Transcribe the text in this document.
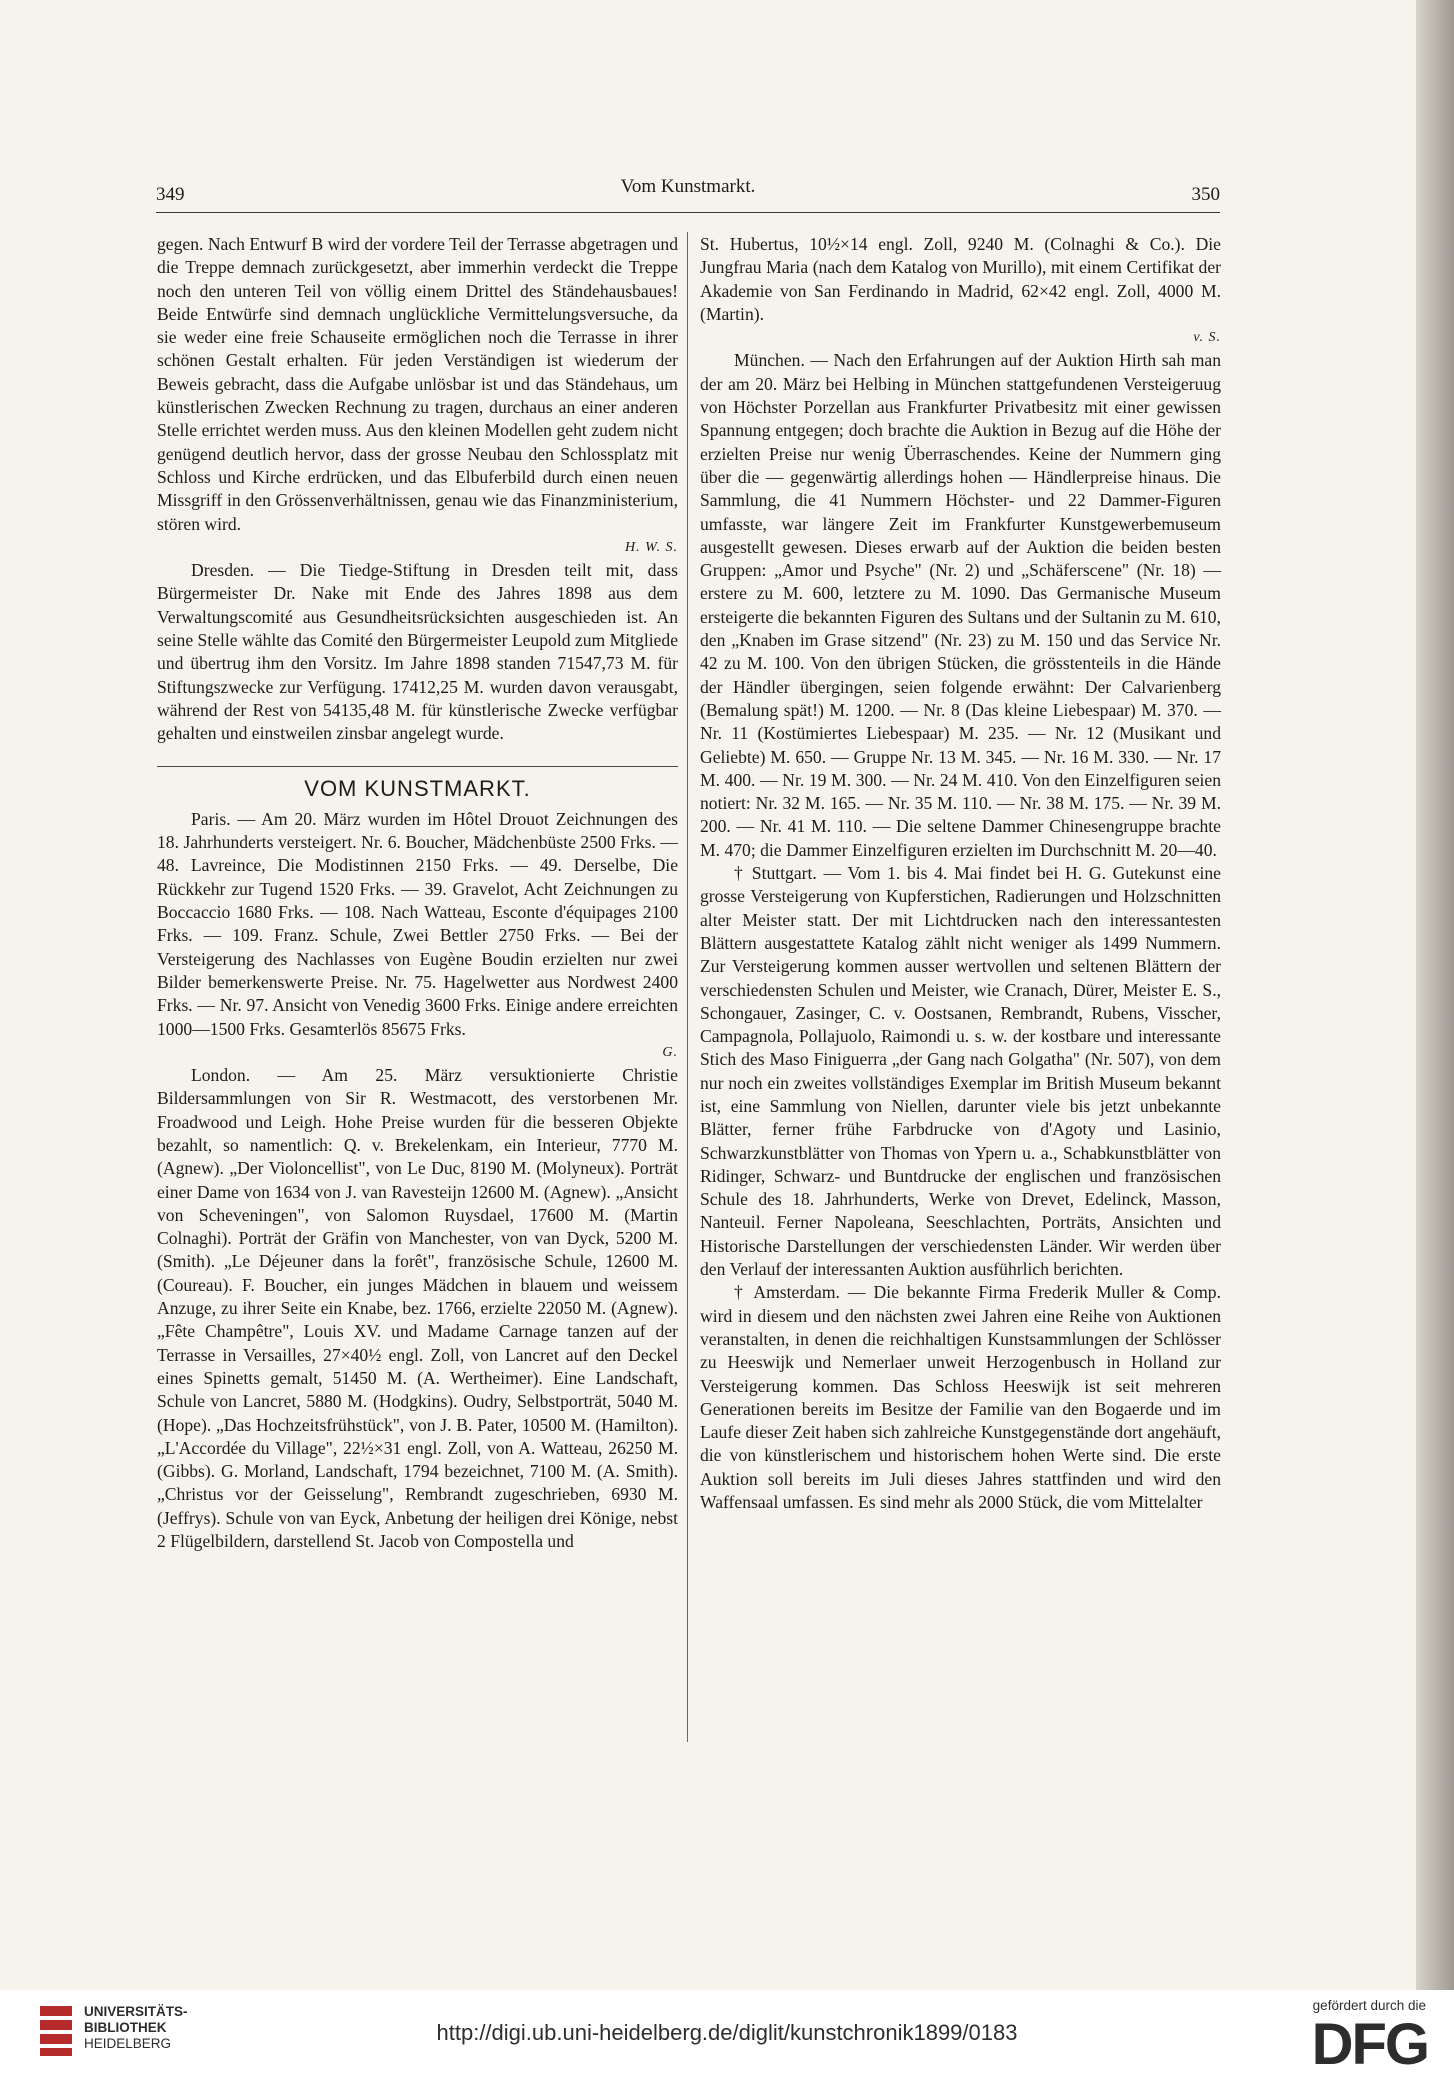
349	Vom Kunstmarkt.	350

gegen. Nach Entwurf B wird der vordere Teil der Terrasse abgetragen und die Treppe demnach zurückgesetzt, aber immerhin verdeckt die Treppe noch den unteren Teil von völlig einem Drittel des Ständehausbaues! Beide Entwürfe sind demnach unglückliche Vermittelungsversuche, da sie weder eine freie Schauseite ermöglichen noch die Terrasse in ihrer schönen Gestalt erhalten. Für jeden Verständigen ist wiederum der Beweis gebracht, dass die Aufgabe unlösbar ist und das Ständehaus, um künstlerischen Zwecken Rechnung zu tragen, durchaus an einer anderen Stelle errichtet werden muss. Aus den kleinen Modellen geht zudem nicht genügend deutlich hervor, dass der grosse Neubau den Schlossplatz mit Schloss und Kirche erdrücken, und das Elbuferbild durch einen neuen Missgriff in den Grössenverhältnissen, genau wie das Finanzministerium, stören wird.

H. W. S.

Dresden. — Die Tiedge-Stiftung in Dresden teilt mit, dass Bürgermeister Dr. Nake mit Ende des Jahres 1898 aus dem Verwaltungscomité aus Gesundheitsrücksichten ausgeschieden ist. An seine Stelle wählte das Comité den Bürgermeister Leupold zum Mitgliede und übertrug ihm den Vorsitz. Im Jahre 1898 standen 71547,73 M. für Stiftungszwecke zur Verfügung. 17412,25 M. wurden davon verausgabt, während der Rest von 54135,48 M. für künstlerische Zwecke verfügbar gehalten und einstweilen zinsbar angelegt wurde.

VOM KUNSTMARKT.

Paris. — Am 20. März wurden im Hôtel Drouot Zeichnungen des 18. Jahrhunderts versteigert. Nr. 6. Boucher, Mädchenbüste 2500 Frks. — 48. Lavreince, Die Modistinnen 2150 Frks. — 49. Derselbe, Die Rückkehr zur Tugend 1520 Frks. — 39. Gravelot, Acht Zeichnungen zu Boccaccio 1680 Frks. — 108. Nach Watteau, Esconte d'équipages 2100 Frks. — 109. Franz. Schule, Zwei Bettler 2750 Frks. — Bei der Versteigerung des Nachlasses von Eugène Boudin erzielten nur zwei Bilder bemerkenswerte Preise. Nr. 75. Hagelwetter aus Nordwest 2400 Frks. — Nr. 97. Ansicht von Venedig 3600 Frks. Einige andere erreichten 1000—1500 Frks. Gesamterlös 85675 Frks.

G.

London. — Am 25. März versuktionierte Christie Bildersammlungen von Sir R. Westmacott, des verstorbenen Mr. Froadwood und Leigh. Hohe Preise wurden für die besseren Objekte bezahlt, so namentlich: Q. v. Brekelenkam, ein Interieur, 7770 M. (Agnew). „Der Violoncellist", von Le Duc, 8190 M. (Molyneux). Porträt einer Dame von 1634 von J. van Ravesteijn 12600 M. (Agnew). „Ansicht von Scheveningen", von Salomon Ruysdael, 17600 M. (Martin Colnaghi). Porträt der Gräfin von Manchester, von van Dyck, 5200 M. (Smith). „Le Déjeuner dans la forêt", französische Schule, 12600 M. (Coureau). F. Boucher, ein junges Mädchen in blauem und weissem Anzuge, zu ihrer Seite ein Knabe, bez. 1766, erzielte 22050 M. (Agnew). „Fête Champêtre", Louis XV. und Madame Carnage tanzen auf der Terrasse in Versailles, 27×40½ engl. Zoll, von Lancret auf den Deckel eines Spinetts gemalt, 51450 M. (A. Wertheimer). Eine Landschaft, Schule von Lancret, 5880 M. (Hodgkins). Oudry, Selbstporträt, 5040 M. (Hope). „Das Hochzeitsfrühstück", von J. B. Pater, 10500 M. (Hamilton). „L'Accordée du Village", 22½×31 engl. Zoll, von A. Watteau, 26250 M. (Gibbs). G. Morland, Landschaft, 1794 bezeichnet, 7100 M. (A. Smith). „Christus vor der Geisselung", Rembrandt zugeschrieben, 6930 M. (Jeffrys). Schule von van Eyck, Anbetung der heiligen drei Könige, nebst 2 Flügelbildern, darstellend St. Jacob von Compostella und

St. Hubertus, 10½×14 engl. Zoll, 9240 M. (Colnaghi & Co.). Die Jungfrau Maria (nach dem Katalog von Murillo), mit einem Certifikat der Akademie von San Ferdinando in Madrid, 62×42 engl. Zoll, 4000 M. (Martin).

v. S.

München. — Nach den Erfahrungen auf der Auktion Hirth sah man der am 20. März bei Helbing in München stattgefundenen Versteigeruug von Höchster Porzellan aus Frankfurter Privatbesitz mit einer gewissen Spannung entgegen; doch brachte die Auktion in Bezug auf die Höhe der erzielten Preise nur wenig Überraschendes. Keine der Nummern ging über die — gegenwärtig allerdings hohen — Händlerpreise hinaus. Die Sammlung, die 41 Nummern Höchster- und 22 Dammer-Figuren umfasste, war längere Zeit im Frankfurter Kunstgewerbemuseum ausgestellt gewesen. Dieses erwarb auf der Auktion die beiden besten Gruppen: „Amor und Psyche" (Nr. 2) und „Schäferscene" (Nr. 18) — erstere zu M. 600, letztere zu M. 1090. Das Germanische Museum ersteigerte die bekannten Figuren des Sultans und der Sultanin zu M. 610, den „Knaben im Grase sitzend" (Nr. 23) zu M. 150 und das Service Nr. 42 zu M. 100. Von den übrigen Stücken, die grösstenteils in die Hände der Händler übergingen, seien folgende erwähnt: Der Calvarienberg (Bemalung spät!) M. 1200. — Nr. 8 (Das kleine Liebespaar) M. 370. — Nr. 11 (Kostümiertes Liebespaar) M. 235. — Nr. 12 (Musikant und Geliebte) M. 650. — Gruppe Nr. 13 M. 345. — Nr. 16 M. 330. — Nr. 17 M. 400. — Nr. 19 M. 300. — Nr. 24 M. 410. Von den Einzelfiguren seien notiert: Nr. 32 M. 165. — Nr. 35 M. 110. — Nr. 38 M. 175. — Nr. 39 M. 200. — Nr. 41 M. 110. — Die seltene Dammer Chinesengruppe brachte M. 470; die Dammer Einzelfiguren erzielten im Durchschnitt M. 20—40.

† Stuttgart. — Vom 1. bis 4. Mai findet bei H. G. Gutekunst eine grosse Versteigerung von Kupferstichen, Radierungen und Holzschnitten alter Meister statt. Der mit Lichtdrucken nach den interessantesten Blättern ausgestattete Katalog zählt nicht weniger als 1499 Nummern. Zur Versteigerung kommen ausser wertvollen und seltenen Blättern der verschiedensten Schulen und Meister, wie Cranach, Dürer, Meister E. S., Schongauer, Zasinger, C. v. Oostsanen, Rembrandt, Rubens, Visscher, Campagnola, Pollajuolo, Raimondi u. s. w. der kostbare und interessante Stich des Maso Finiguerra „der Gang nach Golgatha" (Nr. 507), von dem nur noch ein zweites vollständiges Exemplar im British Museum bekannt ist, eine Sammlung von Niellen, darunter viele bis jetzt unbekannte Blätter, ferner frühe Farbdrucke von d'Agoty und Lasinio, Schwarzkunstblätter von Thomas von Ypern u. a., Schabkunstblätter von Ridinger, Schwarz- und Buntdrucke der englischen und französischen Schule des 18. Jahrhunderts, Werke von Drevet, Edelinck, Masson, Nanteuil. Ferner Napoleana, Seeschlachten, Porträts, Ansichten und Historische Darstellungen der verschiedensten Länder. Wir werden über den Verlauf der interessanten Auktion ausführlich berichten.

† Amsterdam. — Die bekannte Firma Frederik Muller & Comp. wird in diesem und den nächsten zwei Jahren eine Reihe von Auktionen veranstalten, in denen die reichhaltigen Kunstsammlungen der Schlösser zu Heeswijk und Nemerlaer unweit Herzogenbusch in Holland zur Versteigerung kommen. Das Schloss Heeswijk ist seit mehreren Generationen bereits im Besitze der Familie van den Bogaerde und im Laufe dieser Zeit haben sich zahlreiche Kunstgegenstände dort angehäuft, die von künstlerischem und historischem hohen Werte sind. Die erste Auktion soll bereits im Juli dieses Jahres stattfinden und wird den Waffensaal umfassen. Es sind mehr als 2000 Stück, die vom Mittelalter

UNIVERSITÄTS-
BIBLIOTHEK
HEIDELBERG	http://digi.ub.uni-heidelberg.de/diglit/kunstchronik1899/0183
gefördert durch die
DFG
